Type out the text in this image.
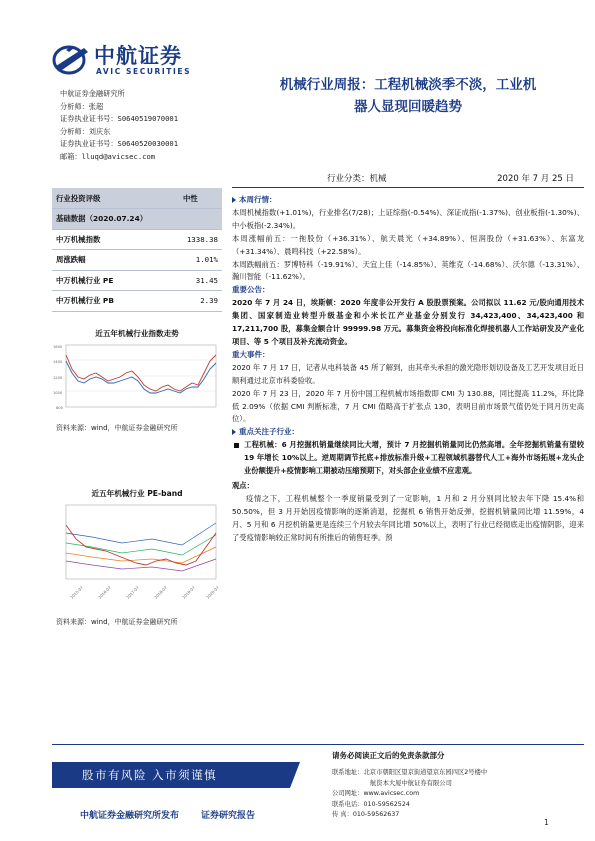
中航证券
AVIC SECURITIES
中航证券金融研究所
分析师：张超
证券执业证书号：S0640519070001
分析师：刘庆东
证券执业证书号：S0640520030001
邮箱：lluqd@avicsec.com
机械行业周报：工程机械淡季不淡，工业机
器人显现回暖趋势
行业分类：机械	2020 年 7 月 25 日
行业投资评级	中性
基础数据（2020.07.24）	
中万机械指数	1338.38
周涨跌幅	1.01%
中万机械行业 PE	31.45
中万机械行业 PB	2.39
近五年机械行业指数走势
1600
1400
1200
1000
800
资料来源：wind，中航证券金融研究所
近五年机械行业 PE-band
2015-07	2016-07	2017-07	2018-07	2019-07 2020-07
资料来源：wind，中航证券金融研究所
本周行情：

本周机械指数(+1.01%)，行业排名(7/28)；上证综指(-0.54%)、深证成指(-1.37%)、创业板指(-1.30%)、中小板指(-2.34%)。

本周涨幅前五：一拖股份（+36.31%）、航天晨光（+34.89%）、恒润股份（+31.63%）、东富龙（+31.34%）、晨鸣科技（+22.58%）。

本周跌幅前五：罗博特科（-19.91%）、天宜上佳（-14.85%）、英维克（-14.68%）、沃尔德（-13.31%）、瀚川智能（-11.62%）。

重要公告：

2020 年 7 月 24 日，埃斯顿：2020 年度非公开发行 A 股股票预案。公司拟以 11.62 元/股向通用技术集团、国家制造业转型升级基金和小米长江产业基金分别发行 34,423,400、34,423,400 和 17,211,700 股，募集金额合计 99999.98 万元。募集资金将投向标准化焊接机器人工作站研发及产业化项目、等 5 个项目及补充流动资金。

重大事件：

2020 年 7 月 17 日，记者从电科装备 45 所了解到，由其牵头承担的激光隐形划切设备及工艺开发项目近日顺利通过北京市科委验收。

2020 年 7 月 23 日，2020 年 7 月份中国工程机械市场指数即 CMI 为 130.88，同比提高 11.2%，环比降低 2.09%（依据 CMI 判断标准，7 月 CMI 值略高于扩张点 130，表明目前市场景气值仍处于同月历史高位）。

重点关注子行业：

工程机械：6 月挖掘机销量继续同比大增，预计 7 月挖掘机销量同比仍然高增。全年挖掘机销量有望较 19 年增长 10%以上。逆周期调节托底+排放标准升级+工程领域机器替代人工+海外市场拓展+龙头企业份额提升+疫情影响工期被动压缩预期下，对头部企业业绩不应悲观。

观点：

疫情之下，工程机械整个一季度销量受到了一定影响，1 月和 2 月分别同比较去年下降 15.4%和 50.50%，但 3 月开始因疫情影响的逐渐消退，挖掘机 6 销售开始反弹，挖掘机销量同比增 11.59%，4 月、5 月和 6 月挖机销量更是连续三个月较去年同比增 50%以上，表明了行业已经彻底走出疫情阴影，迎来了受疫情影响较正常时间有所推后的销售旺季。预

股市有风险 入市须谨慎
中航证券金融研究所发布 证券研究报告
请务必阅读正文后的免责条款部分
联系地址：北京市朝阳区望京街道望京东园四区2号楼中
航资本大厦中航证券有限公司
公司网址：www.avicsec.com
联系电话：010-59562524
传 真：010-59562637
1
